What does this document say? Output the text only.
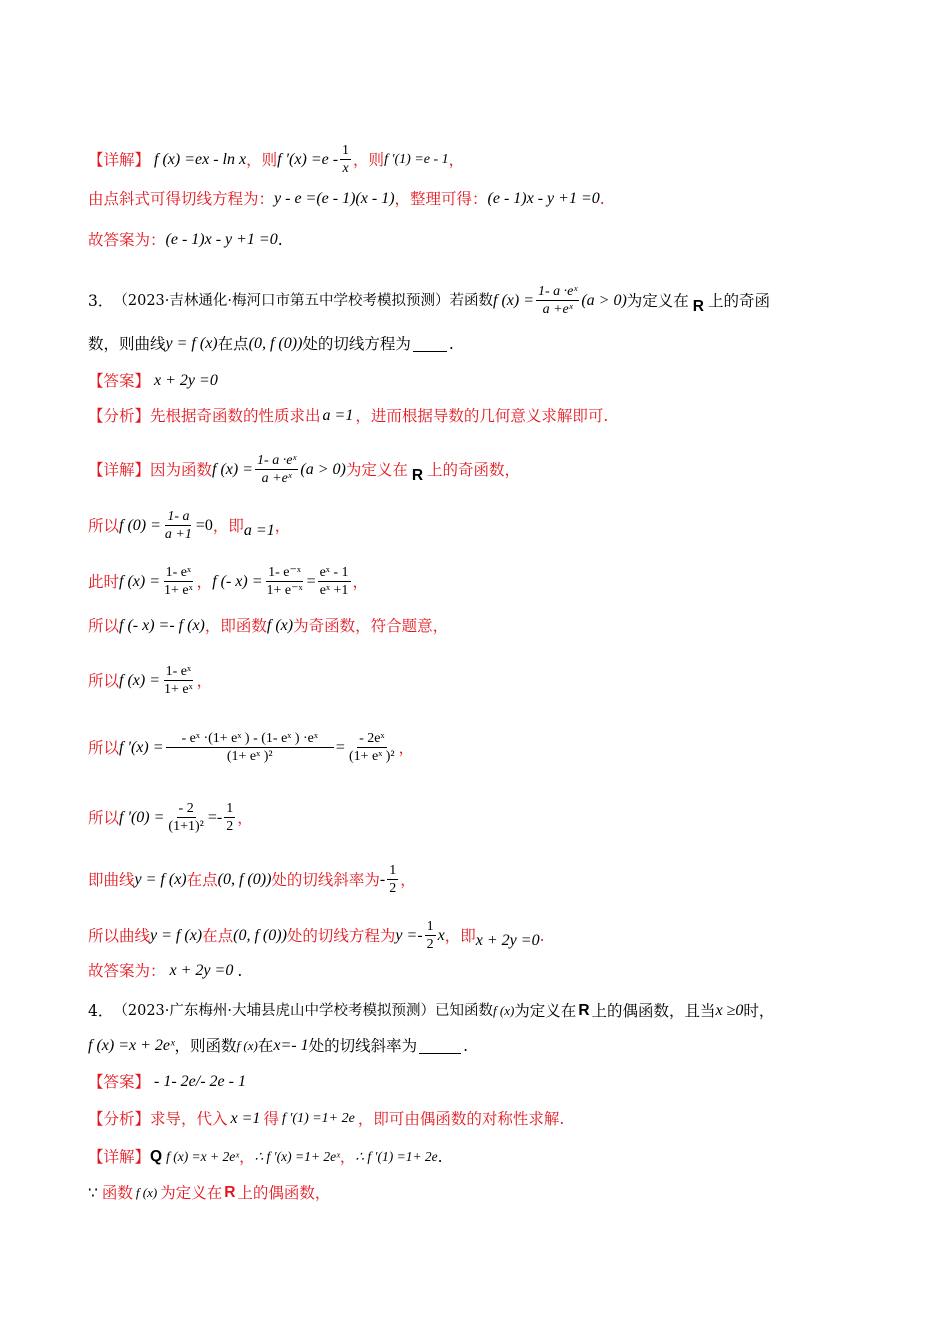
【详解】 f (x) =ex - ln x ，则 f $'(x) =e - \frac{1}{x}$ ，则 f ′(1) =e - 1 ，
由点斜式可得切线方程为： y - e =(e - 1)(x - 1) ，整理可得： (e - 1)x - y +1 =0 .
故答案为： (e - 1)x - y +1 =0 .
3． （2023·吉林通化·梅河口市第五中学校考模拟预测）若函数 f $(x) = \frac{\text{1- a ·eˣ}}{\text{a +eˣ}} (a > 0)$ 为定义在 R 上的奇函
数，则曲线 y = f (x) 在点 (0, f (0)) 处的切线方程为 .
【答案】 x + 2y =0
【分析】 先根据奇函数的性质求出 a =1 ，进而根据导数的几何意义求解即可.
【详解】 因为函数 f $(x) = \frac{\text{1- a ·eˣ}}{\text{a +eˣ}} (a > 0)$ 为定义在 R 上的奇函数，
所以 f $(0) = \frac{1- a}{a +1} =0$ ，即 a =1 ，
此时 f $(x) = \frac{\text{1- eˣ}}{\text{1+ eˣ}}$ ， f (- $x) = \frac{\text{1- e⁻ˣ}}{\text{1+ e⁻ˣ}} = \frac{\text{eˣ - 1}}{\text{eˣ +1}}$ ，
所以 f (- x) =- f (x) ，即函数 f (x) 为奇函数，符合题意，
所以 f $(x) = \frac{\text{1- eˣ}}{\text{1+ eˣ}}$ ，
所以 f $'(x) = \frac{\text{- eˣ ·(1+ eˣ ) - (1- eˣ ) ·eˣ}}{\text{(1+ eˣ )²}} = \frac{\text{- 2eˣ}}{\text{(1+ eˣ )²}}$ ，
所以 f $'(0) = \frac{- 2}{\text{(1+1)²}} =- \frac{1}{2}$ ，
即曲线 y = f (x) 在点 (0, f (0)) 处的切线斜率为 - $\frac{1}{2}$ ，
所以曲线 y = f (x) 在点 (0, f (0)) 处的切线方程为 $y =- \frac{1}{2}$ x ，即 x + 2y =0 .
故答案为： x + 2y =0 .
4． （2023·广东梅州·大埔县虎山中学校考模拟预测）已知函数 f (x) 为定义在 R 上的偶函数，且当 x ≥0 时，
f (x) =x + 2eˣ ，则函数 f (x) 在 x=- 1 处的切线斜率为	.
【答案】 - 1- 2e/- 2e - 1
【分析】 求导，代入 x =1 得 f ′(1) =1+ 2e ，即可由偶函数的对称性求解.
【详解】 Q f (x) =x + 2eˣ ， ∴ f ′(x) =1+ 2eˣ ， ∴ f ′(1) =1+ 2e .
∵ 函数 f (x) 为定义在 R 上的偶函数，
